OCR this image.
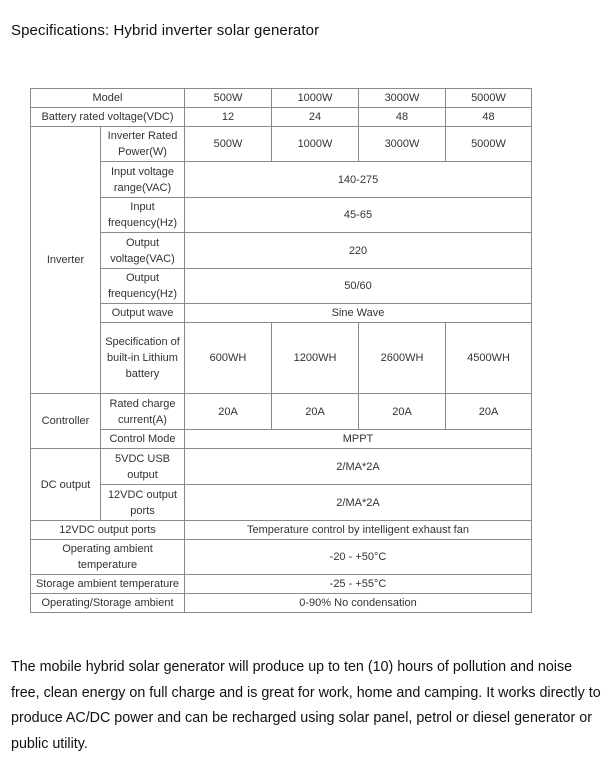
Specifications: Hybrid inverter solar generator
Model		500W	1000W	3000W	5000W
Battery rated voltage(VDC)		12	24	48	48
Inverter	Inverter Rated Power(W)	500W	1000W	3000W	5000W
	Input voltage range(VAC)	140-275			
	Input frequency(Hz)	45-65			
	Output voltage(VAC)	220			
	Output frequency(Hz)	50/60			
	Output wave	Sine Wave			
	Specification of built-in Lithium battery	600WH	1200WH	2600WH	4500WH
Controller	Rated charge current(A)	20A	20A	20A	20A
	Control Mode	MPPT			
DC output	5VDC USB output	2/MA*2A			
	12VDC output ports	2/MA*2A			
12VDC output ports		Temperature control by intelligent exhaust fan			
Operating ambient temperature		-20 - +50°C			
Storage ambient temperature		-25 - +55°C			
Operating/Storage ambient		0-90% No condensation			
The mobile hybrid solar generator will produce up to ten (10) hours of pollution and noise free, clean energy on full charge and is great for work, home and camping. It works directly to produce AC/DC power and can be recharged using solar panel, petrol or diesel generator or public utility.
